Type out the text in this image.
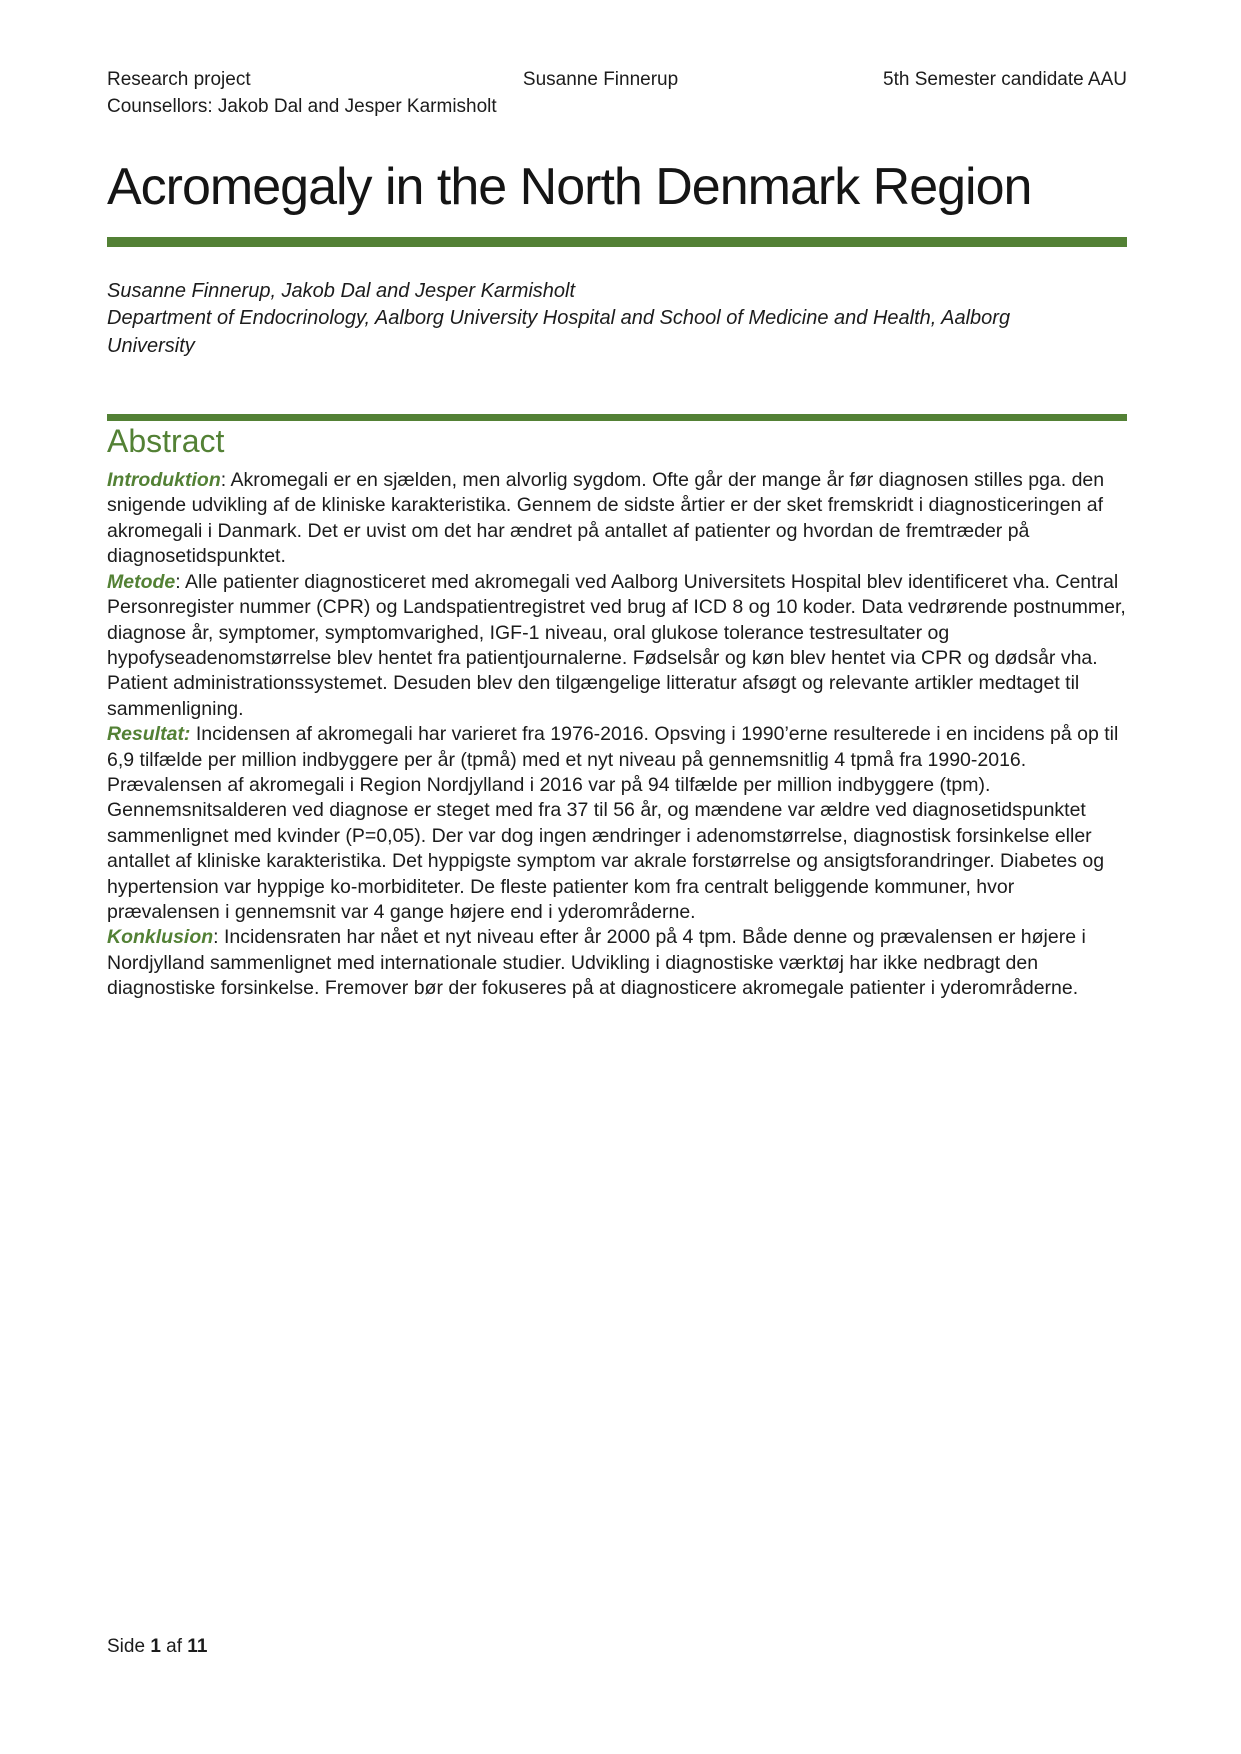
Research project	Susanne Finnerup	5th Semester candidate AAU
Counsellors: Jakob Dal and Jesper Karmisholt
Acromegaly in the North Denmark Region
Susanne Finnerup, Jakob Dal and Jesper Karmisholt
Department of Endocrinology, Aalborg University Hospital and School of Medicine and Health, Aalborg
University
Abstract

Introduktion: Akromegali er en sjælden, men alvorlig sygdom. Ofte går der mange år før diagnosen stilles pga. den snigende udvikling af de kliniske karakteristika. Gennem de sidste årtier er der sket fremskridt i diagnosticeringen af akromegali i Danmark. Det er uvist om det har ændret på antallet af patienter og hvordan de fremtræder på diagnosetidspunktet.

Metode: Alle patienter diagnosticeret med akromegali ved Aalborg Universitets Hospital blev identificeret vha. Central Personregister nummer (CPR) og Landspatientregistret ved brug af ICD 8 og 10 koder. Data vedrørende postnummer, diagnose år, symptomer, symptomvarighed, IGF-1 niveau, oral glukose tolerance testresultater og hypofyseadenomstørrelse blev hentet fra patientjournalerne. Fødselsår og køn blev hentet via CPR og dødsår vha. Patient administrationssystemet. Desuden blev den tilgængelige litteratur afsøgt og relevante artikler medtaget til sammenligning.

Resultat: Incidensen af akromegali har varieret fra 1976-2016. Opsving i 1990’erne resulterede i en incidens på op til 6,9 tilfælde per million indbyggere per år (tpmå) med et nyt niveau på gennemsnitlig 4 tpmå fra 1990-2016. Prævalensen af akromegali i Region Nordjylland i 2016 var på 94 tilfælde per million indbyggere (tpm). Gennemsnitsalderen ved diagnose er steget med fra 37 til 56 år, og mændene var ældre ved diagnosetidspunktet sammenlignet med kvinder (P=0,05). Der var dog ingen ændringer i adenomstørrelse, diagnostisk forsinkelse eller antallet af kliniske karakteristika. Det hyppigste symptom var akrale forstørrelse og ansigtsforandringer. Diabetes og hypertension var hyppige ko-morbiditeter. De fleste patienter kom fra centralt beliggende kommuner, hvor prævalensen i gennemsnit var 4 gange højere end i yderområderne.

Konklusion: Incidensraten har nået et nyt niveau efter år 2000 på 4 tpm. Både denne og prævalensen er højere i Nordjylland sammenlignet med internationale studier. Udvikling i diagnostiske værktøj har ikke nedbragt den diagnostiske forsinkelse. Fremover bør der fokuseres på at diagnosticere akromegale patienter i yderområderne.

Side 1 af 11
